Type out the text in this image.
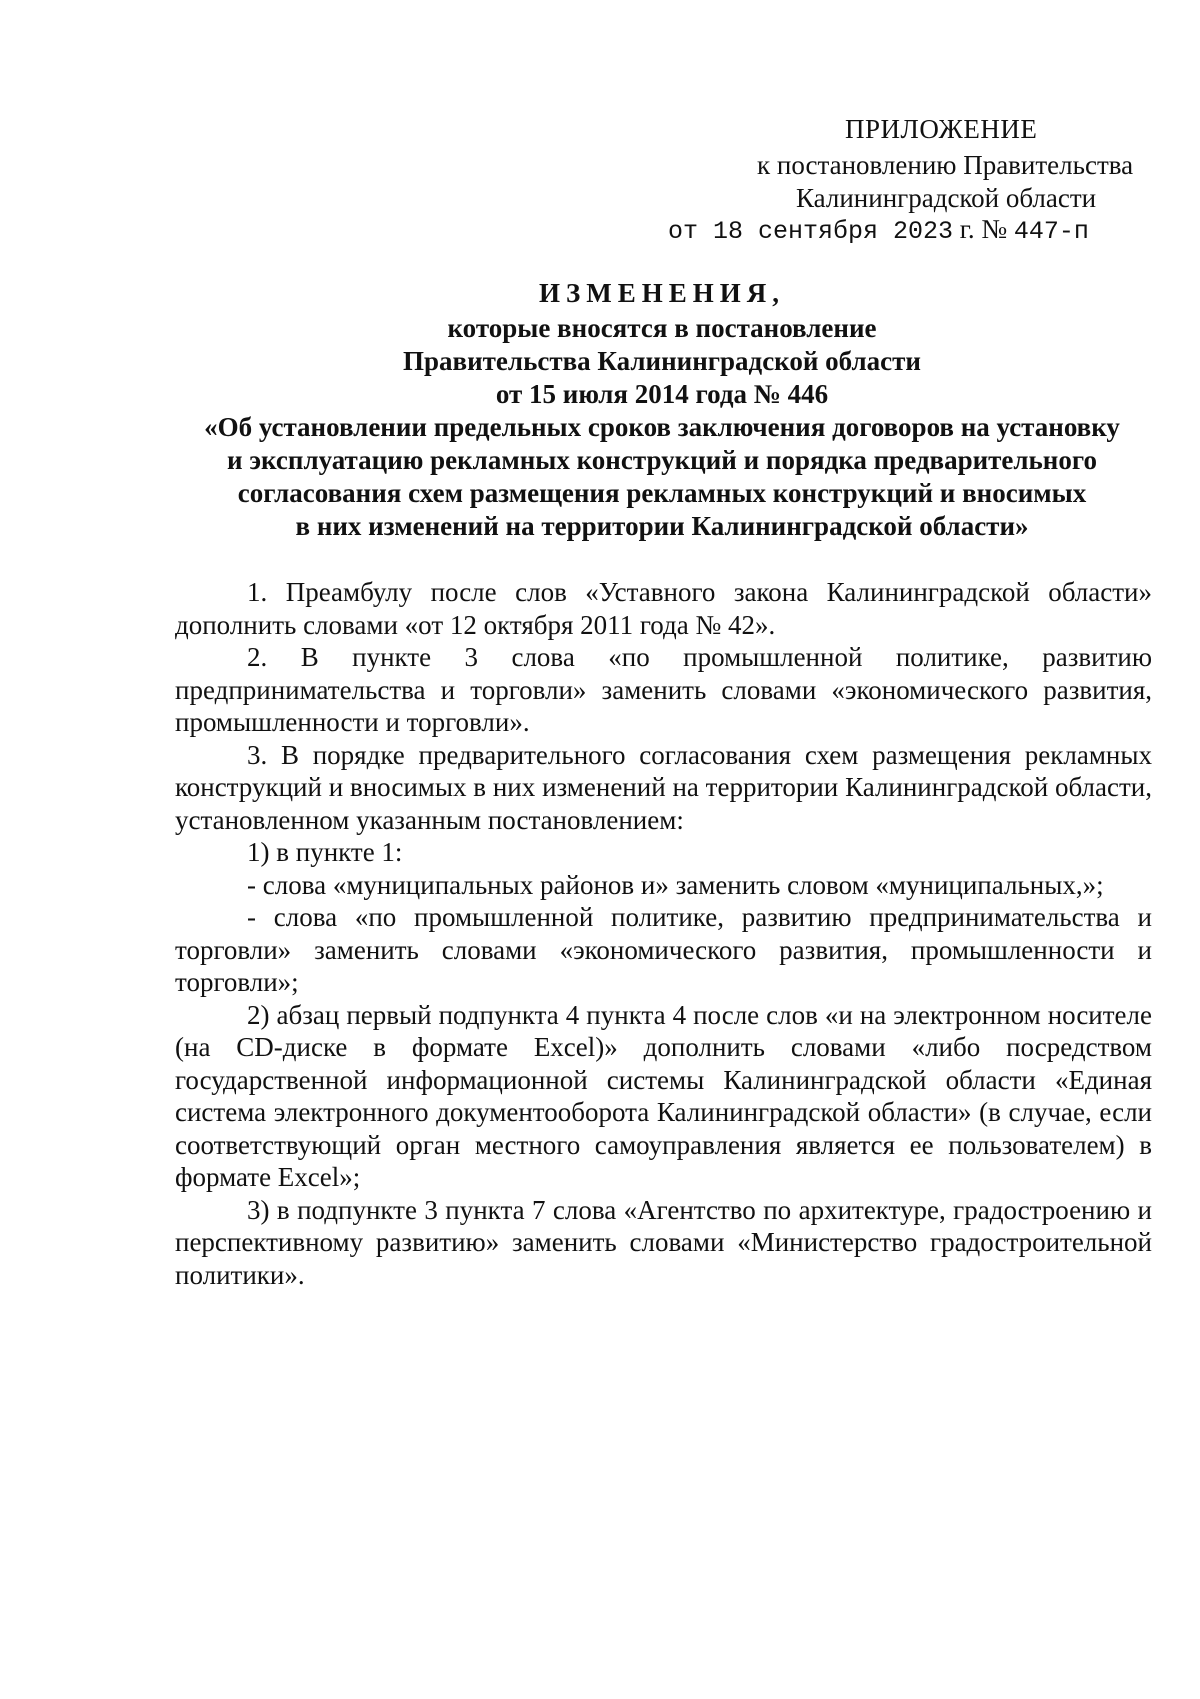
ПРИЛОЖЕНИЕ
к постановлению Правительства
Калининградской области
от 18 сентября 2023 г. № 447-п
ИЗМЕНЕНИЯ,
которые вносятся в постановление
Правительства Калининградской области
от 15 июля 2014 года № 446
«Об установлении предельных сроков заключения договоров на установку
и эксплуатацию рекламных конструкций и порядка предварительного
согласования схем размещения рекламных конструкций и вносимых
в них изменений на территории Калининградской области»

1. Преамбулу после слов «Уставного закона Калининградской области» дополнить словами «от 12 октября 2011 года № 42».

2. В пункте 3 слова «по промышленной политике, развитию предпринимательства и торговли» заменить словами «экономического развития, промышленности и торговли».

3. В порядке предварительного согласования схем размещения рекламных конструкций и вносимых в них изменений на территории Калининградской области, установленном указанным постановлением:

1) в пункте 1:

- слова «муниципальных районов и» заменить словом «муниципальных,»;

- слова «по промышленной политике, развитию предпринимательства и торговли» заменить словами «экономического развития, промышленности и торговли»;

2) абзац первый подпункта 4 пункта 4 после слов «и на электронном носителе (на CD-диске в формате Excel)» дополнить словами «либо посредством государственной информационной системы Калининградской области «Единая система электронного документооборота Калининградской области» (в случае, если соответствующий орган местного самоуправления является ее пользователем) в формате Excel»;

3) в подпункте 3 пункта 7 слова «Агентство по архитектуре, градостроению и перспективному развитию» заменить словами «Министерство градостроительной политики».
